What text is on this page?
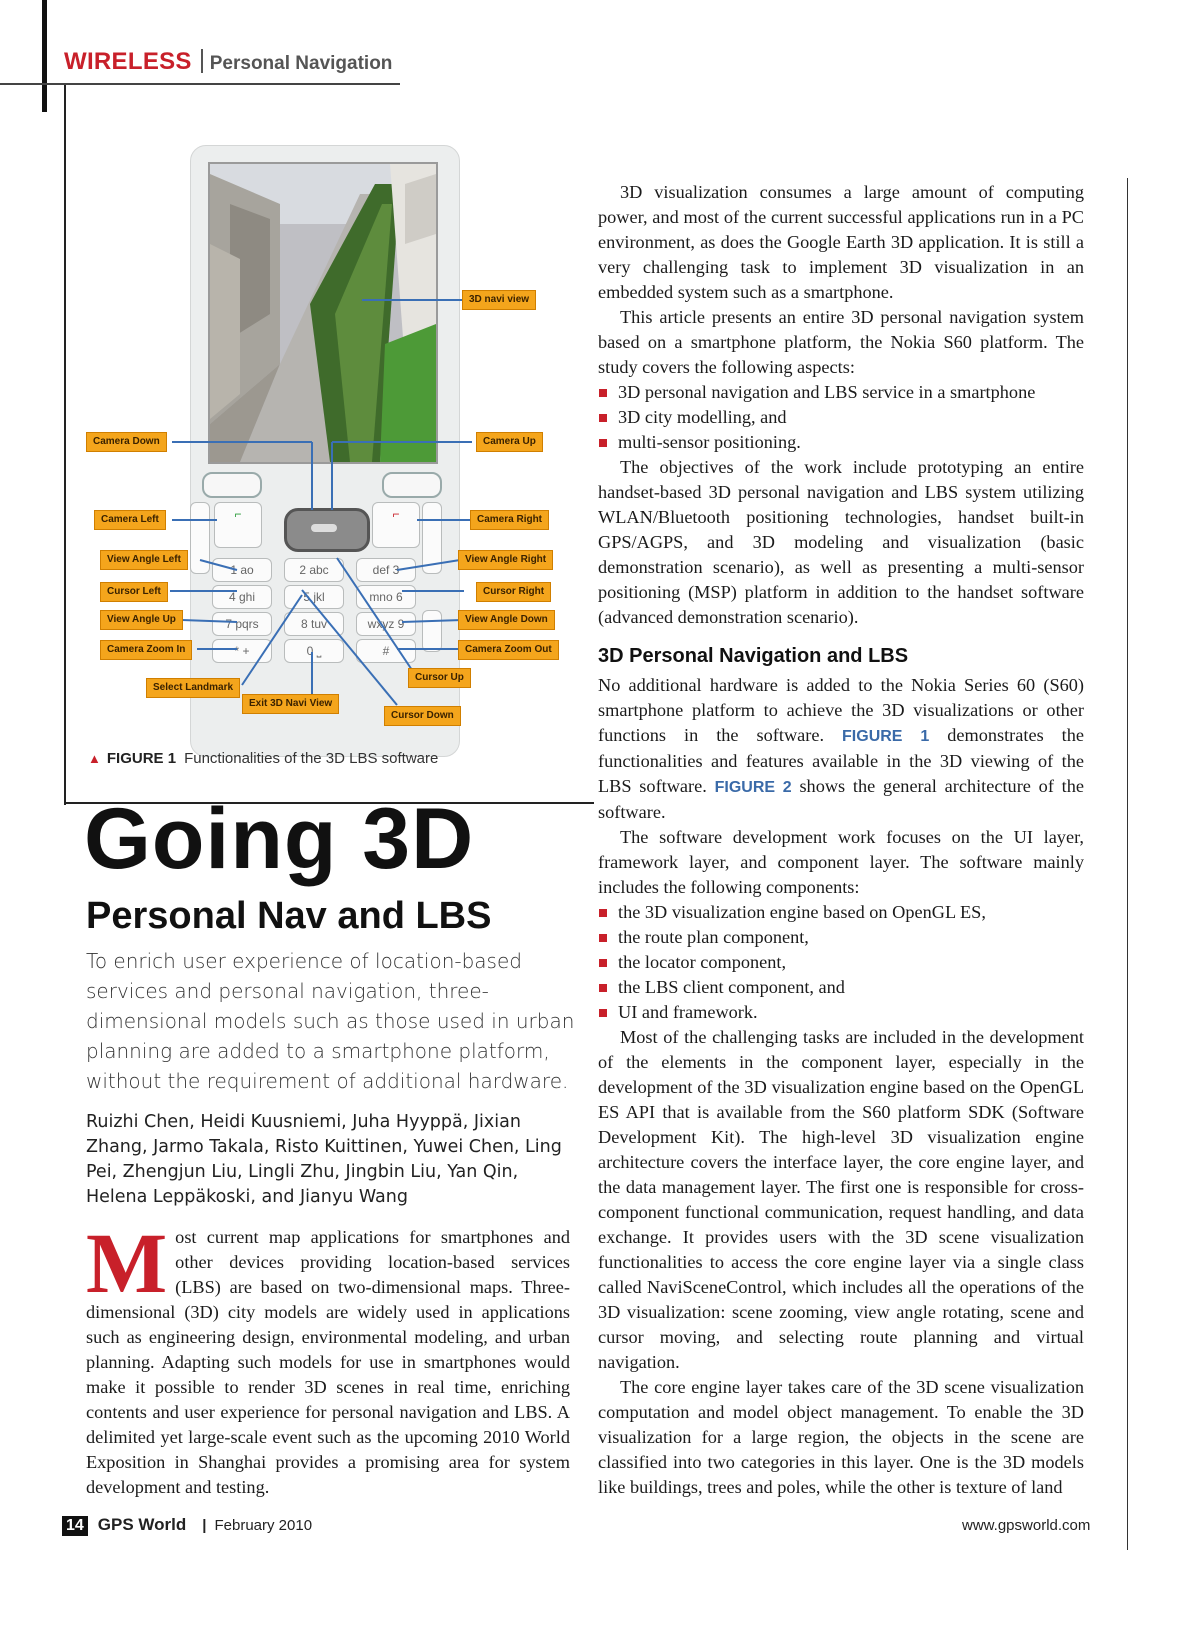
WIRELESS Personal Navigation
⌐	⌐
1 ao	2 abc	def 3
4 ghi	5 jkl	mno 6
7 pqrs	8 tuv	wxyz 9
* +	0 ⎵	#
3D navi view
Camera Down	Camera Up
Camera Left	Camera Right
View Angle Left	View Angle Right
Cursor Left	Cursor Right
View Angle Up	View Angle Down
Camera Zoom In	Camera Zoom Out
Cursor Up
Select Landmark
Exit 3D Navi View
Cursor Down
▲ FIGURE 1 Functionalities of the 3D LBS software
Going 3D
Personal Nav and LBS
To enrich user experience of location-based services and personal navigation, three-dimensional models such as those used in urban planning are added to a smartphone platform, without the requirement of additional hardware.
Ruizhi Chen, Heidi Kuusniemi, Juha Hyyppä, Jixian Zhang, Jarmo Takala, Risto Kuittinen, Yuwei Chen, Ling Pei, Zhengjun Liu, Lingli Zhu, Jingbin Liu, Yan Qin, Helena Leppäkoski, and Jianyu Wang
Most current map applications for smartphones and other devices providing location-based services (LBS) are based on two-dimensional maps. Three-dimensional (3D) city models are widely used in applications such as engineering design, environmental modeling, and urban planning. Adapting such models for use in smartphones would make it possible to render 3D scenes in real time, enriching contents and user experience for personal navigation and LBS. A delimited yet large-scale event such as the upcoming 2010 World Exposition in Shanghai provides a promising area for system development and testing.

3D visualization consumes a large amount of computing power, and most of the current successful applications run in a PC environment, as does the Google Earth 3D application. It is still a very challenging task to implement 3D visualization in an embedded system such as a smartphone.

This article presents an entire 3D personal navigation system based on a smartphone platform, the Nokia S60 platform. The study covers the following aspects:

3D personal navigation and LBS service in a smartphone
3D city modelling, and
multi-sensor positioning.

The objectives of the work include prototyping an entire handset-based 3D personal navigation and LBS system utilizing WLAN/Bluetooth positioning technologies, handset built-in GPS/AGPS, and 3D modeling and visualization (basic demonstration scenario), as well as presenting a multi-sensor positioning (MSP) platform in addition to the handset software (advanced demonstration scenario).

3D Personal Navigation and LBS

No additional hardware is added to the Nokia Series 60 (S60) smartphone platform to achieve the 3D visualizations or other functions in the software. FIGURE 1 demonstrates the functionalities and features available in the 3D viewing of the LBS software. FIGURE 2 shows the general architecture of the software.

The software development work focuses on the UI layer, framework layer, and component layer. The software mainly includes the following components:

the 3D visualization engine based on OpenGL ES,
the route plan component,
the locator component,
the LBS client component, and
UI and framework.

Most of the challenging tasks are included in the development of the elements in the component layer, especially in the development of the 3D visualization engine based on the OpenGL ES API that is available from the S60 platform SDK (Software Development Kit). The high-level 3D visualization engine architecture covers the interface layer, the core engine layer, and the data management layer. The first one is responsible for cross-component functional communication, request handling, and data exchange. It provides users with the 3D scene visualization functionalities to access the core engine layer via a single class called NaviSceneControl, which includes all the operations of the 3D visualization: scene zooming, view angle rotating, scene and cursor moving, and selecting route planning and virtual navigation.

The core engine layer takes care of the 3D scene visualization computation and model object management. To enable the 3D visualization for a large region, the objects in the scene are classified into two categories in this layer. One is the 3D models like buildings, trees and poles, while the other is texture of land

14 GPS World | February 2010	www.gpsworld.com
